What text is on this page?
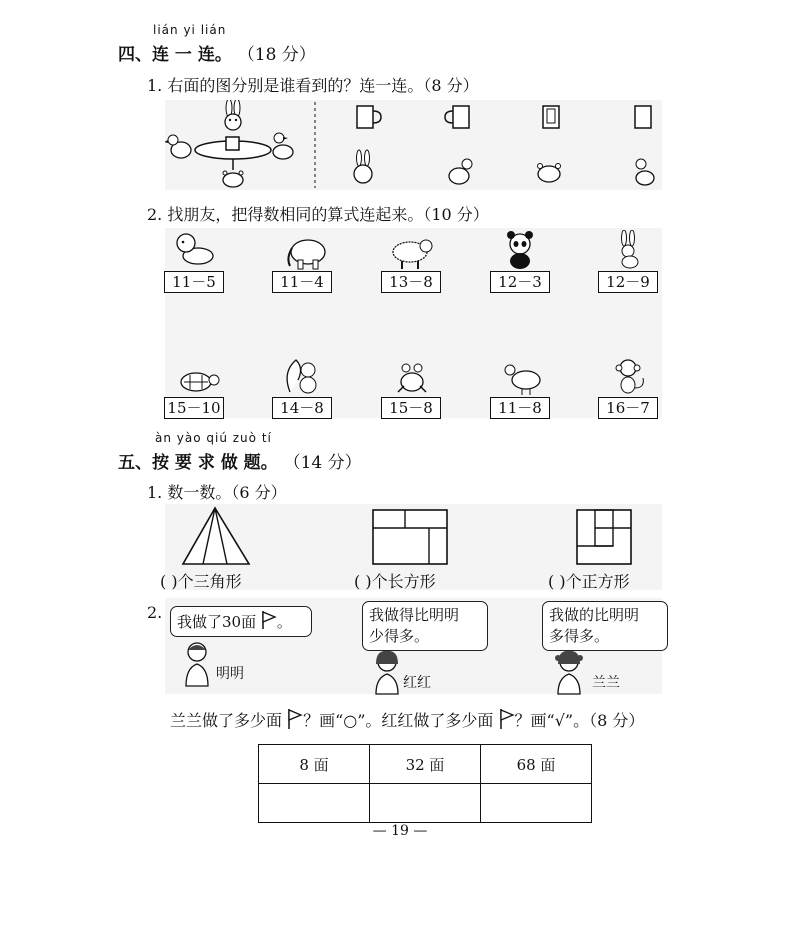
lián yi lián
四、连 一 连。 （18 分）
1. 右面的图分别是谁看到的？连一连。（8 分）
2. 找朋友，把得数相同的算式连起来。（10 分）
11－5	11－4	13－8	12－3	12－9
15－10	14－8	15－8	11－8	16－7
àn yào qiú zuò tí
五、按 要 求 做 题。 （14 分）
1. 数一数。（6 分）
( )个三角形	( )个长方形	( )个正方形
2. 我做了30面 。
明明
我做得比明明
少得多。
红红
我做的比明明
多得多。
兰兰
兰兰做了多少面 ？画“○”。红红做了多少面 ？画“√”。（8 分）
8 面	32 面	68 面

— 19 —
